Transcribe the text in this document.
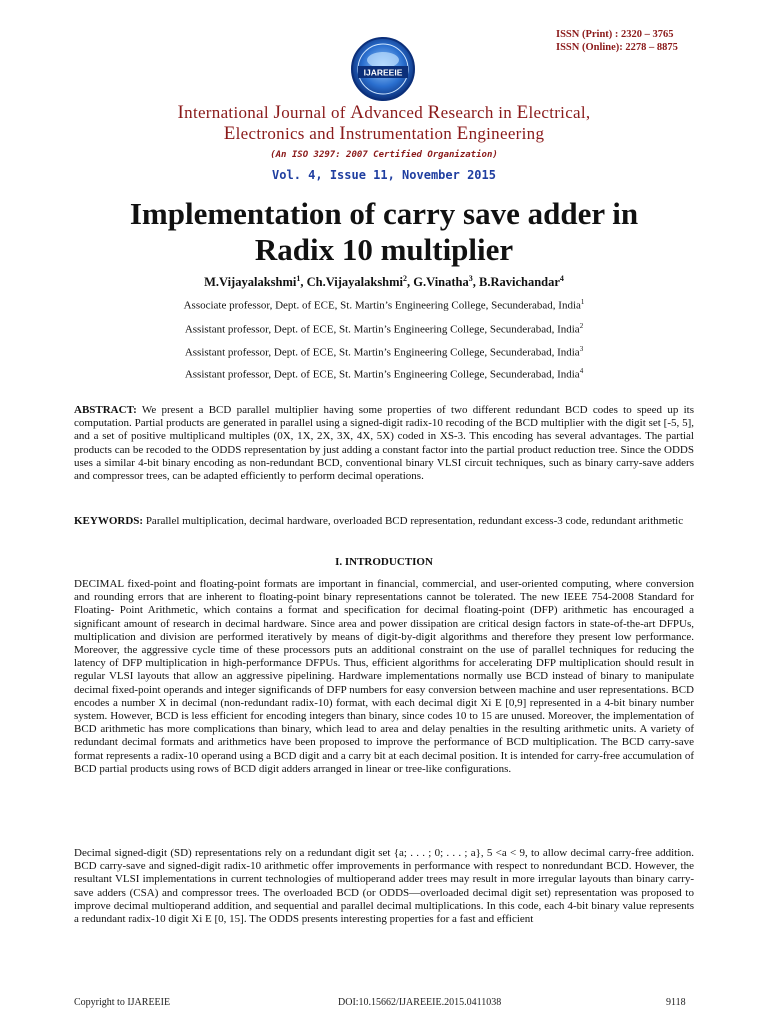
IJAREEIE
ISSN (Print) : 2320 – 3765
ISSN (Online): 2278 – 8875
International Journal of Advanced Research in Electrical,
Electronics and Instrumentation Engineering
(An ISO 3297: 2007 Certified Organization)
Vol. 4, Issue 11, November 2015
Implementation of carry save adder in
Radix 10 multiplier
M.Vijayalakshmi$^1$, Ch.Vijayalakshmi$^2$, G.Vinatha$^3$, B.Ravichandar$^4$
Associate professor, Dept. of ECE, St. Martin’s Engineering College, Secunderabad, India$^1$
Assistant professor, Dept. of ECE, St. Martin’s Engineering College, Secunderabad, India$^2$
Assistant professor, Dept. of ECE, St. Martin’s Engineering College, Secunderabad, India$^3$
Assistant professor, Dept. of ECE, St. Martin’s Engineering College, Secunderabad, India$^4$
ABSTRACT: We present a BCD parallel multiplier having some properties of two different redundant BCD codes to speed up its computation. Partial products are generated in parallel using a signed-digit radix-10 recoding of the BCD multiplier with the digit set [-5, 5], and a set of positive multiplicand multiples (0X, 1X, 2X, 3X, 4X, 5X) coded in XS-3. This encoding has several advantages. The partial products can be recoded to the ODDS representation by just adding a constant factor into the partial product reduction tree. Since the ODDS uses a similar 4-bit binary encoding as non-redundant BCD, conventional binary VLSI circuit techniques, such as binary carry-save adders and compressor trees, can be adapted efficiently to perform decimal operations.
KEYWORDS: Parallel multiplication, decimal hardware, overloaded BCD representation, redundant excess-3 code, redundant arithmetic
I. INTRODUCTION
DECIMAL fixed-point and floating-point formats are important in financial, commercial, and user-oriented computing, where conversion and rounding errors that are inherent to floating-point binary representations cannot be tolerated. The new IEEE 754-2008 Standard for Floating- Point Arithmetic, which contains a format and specification for decimal floating-point (DFP) arithmetic has encouraged a significant amount of research in decimal hardware. Since area and power dissipation are critical design factors in state-of-the-art DFPUs, multiplication and division are performed iteratively by means of digit-by-digit algorithms and therefore they present low performance. Moreover, the aggressive cycle time of these processors puts an additional constraint on the use of parallel techniques for reducing the latency of DFP multiplication in high-performance DFPUs. Thus, efficient algorithms for accelerating DFP multiplication should result in regular VLSI layouts that allow an aggressive pipelining. Hardware implementations normally use BCD instead of binary to manipulate decimal fixed-point operands and integer significands of DFP numbers for easy conversion between machine and user representations. BCD encodes a number X in decimal (non-redundant radix-10) format, with each decimal digit Xi E [0,9] represented in a 4-bit binary number system. However, BCD is less efficient for encoding integers than binary, since codes 10 to 15 are unused. Moreover, the implementation of BCD arithmetic has more complications than binary, which lead to area and delay penalties in the resulting arithmetic units. A variety of redundant decimal formats and arithmetics have been proposed to improve the performance of BCD multiplication. The BCD carry-save format represents a radix-10 operand using a BCD digit and a carry bit at each decimal position. It is intended for carry-free accumulation of BCD partial products using rows of BCD digit adders arranged in linear or tree-like configurations.
Decimal signed-digit (SD) representations rely on a redundant digit set {a; . . . ; 0; . . . ; a}, 5 <a < 9, to allow decimal carry-free addition. BCD carry-save and signed-digit radix-10 arithmetic offer improvements in performance with respect to nonredundant BCD. However, the resultant VLSI implementations in current technologies of multioperand adder trees may result in more irregular layouts than binary carry-save adders (CSA) and compressor trees. The overloaded BCD (or ODDS—overloaded decimal digit set) representation was proposed to improve decimal multioperand addition, and sequential and parallel decimal multiplications. In this code, each 4-bit binary value represents a redundant radix-10 digit Xi E [0, 15]. The ODDS presents interesting properties for a fast and efficient
Copyright to IJAREEIE	DOI:10.15662/IJAREEIE.2015.0411038	9118
